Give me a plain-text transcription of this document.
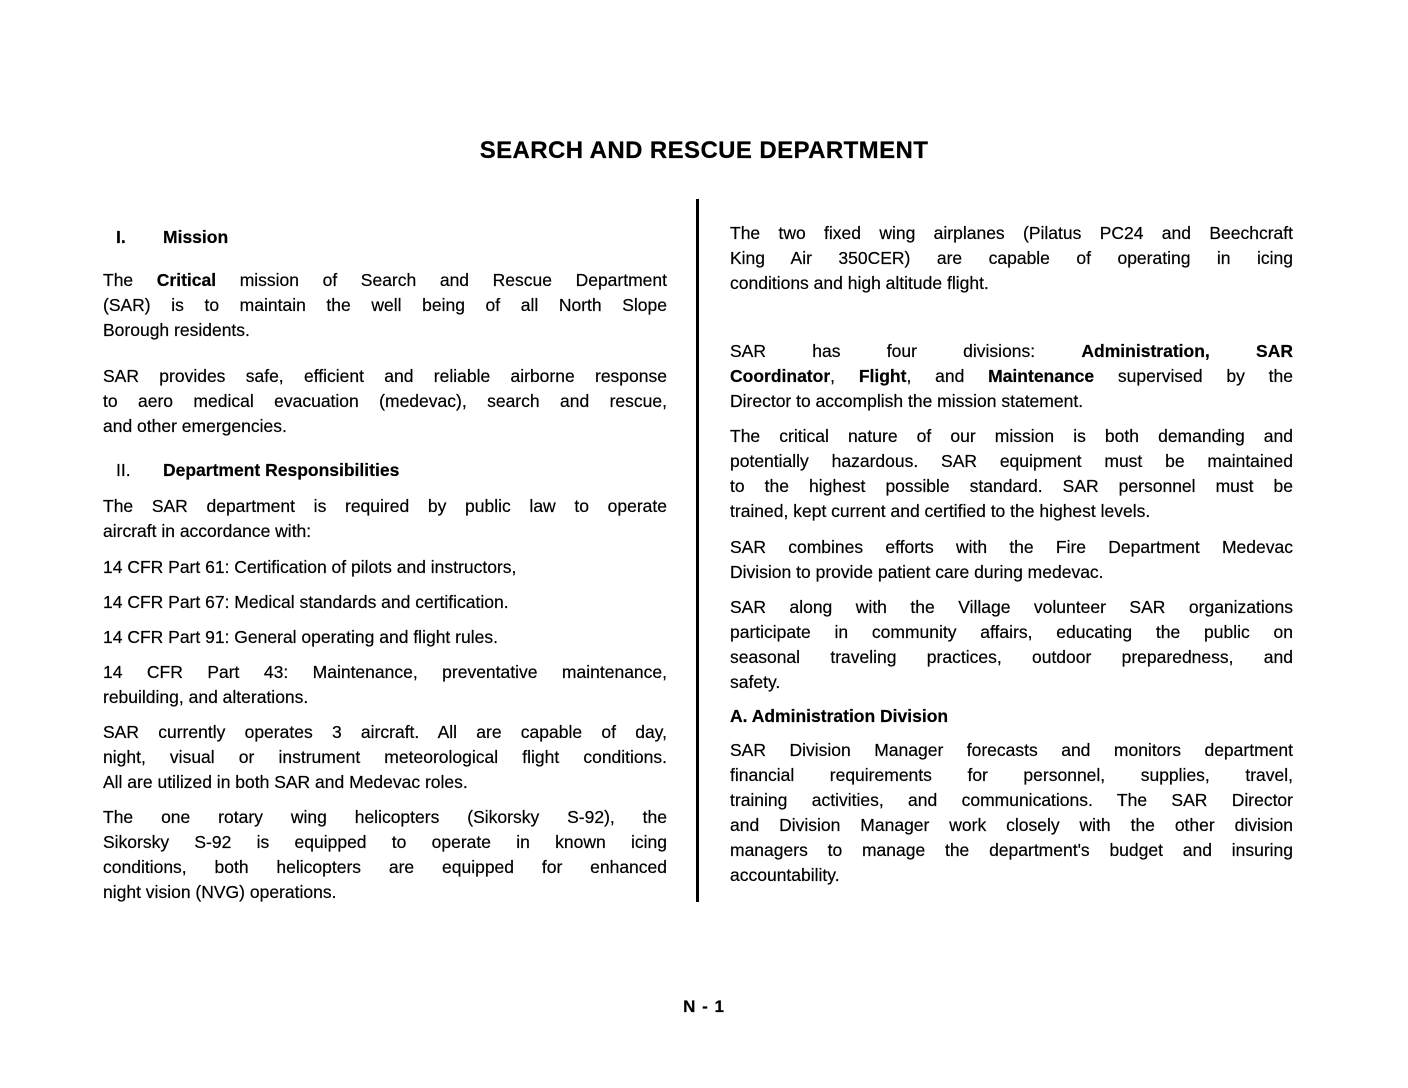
SEARCH AND RESCUE DEPARTMENT
I. Mission
The Critical mission of Search and Rescue Department
(SAR) is to maintain the well being of all North Slope
Borough residents.
SAR provides safe, efficient and reliable airborne response
to aero medical evacuation (medevac), search and rescue,
and other emergencies.
II. Department Responsibilities
The SAR department is required by public law to operate
aircraft in accordance with:
14 CFR Part 61: Certification of pilots and instructors,
14 CFR Part 67: Medical standards and certification.
14 CFR Part 91: General operating and flight rules.
14 CFR Part 43: Maintenance, preventative maintenance,
rebuilding, and alterations.
SAR currently operates 3 aircraft. All are capable of day,
night, visual or instrument meteorological flight conditions.
All are utilized in both SAR and Medevac roles.
The one rotary wing helicopters (Sikorsky S-92), the
Sikorsky S-92 is equipped to operate in known icing
conditions, both helicopters are equipped for enhanced
night vision (NVG) operations.
The two fixed wing airplanes (Pilatus PC24 and Beechcraft
King Air 350CER) are capable of operating in icing
conditions and high altitude flight.
SAR has four divisions: Administration,	SAR
Coordinator, Flight, and Maintenance supervised by the
Director to accomplish the mission statement.
The critical nature of our mission is both demanding and
potentially hazardous. SAR equipment must be maintained
to the highest possible standard. SAR personnel must be
trained, kept current and certified to the highest levels.
SAR combines efforts with the Fire Department Medevac
Division to provide patient care during medevac.
SAR along with the Village volunteer SAR organizations
participate in community affairs, educating the public on
seasonal traveling practices, outdoor preparedness, and
safety.
A. Administration Division
SAR Division Manager forecasts and monitors department
financial requirements for personnel, supplies, travel,
training activities, and communications. The SAR Director
and Division Manager work closely with the other division
managers to manage the department's budget and insuring
accountability.
N - 1
